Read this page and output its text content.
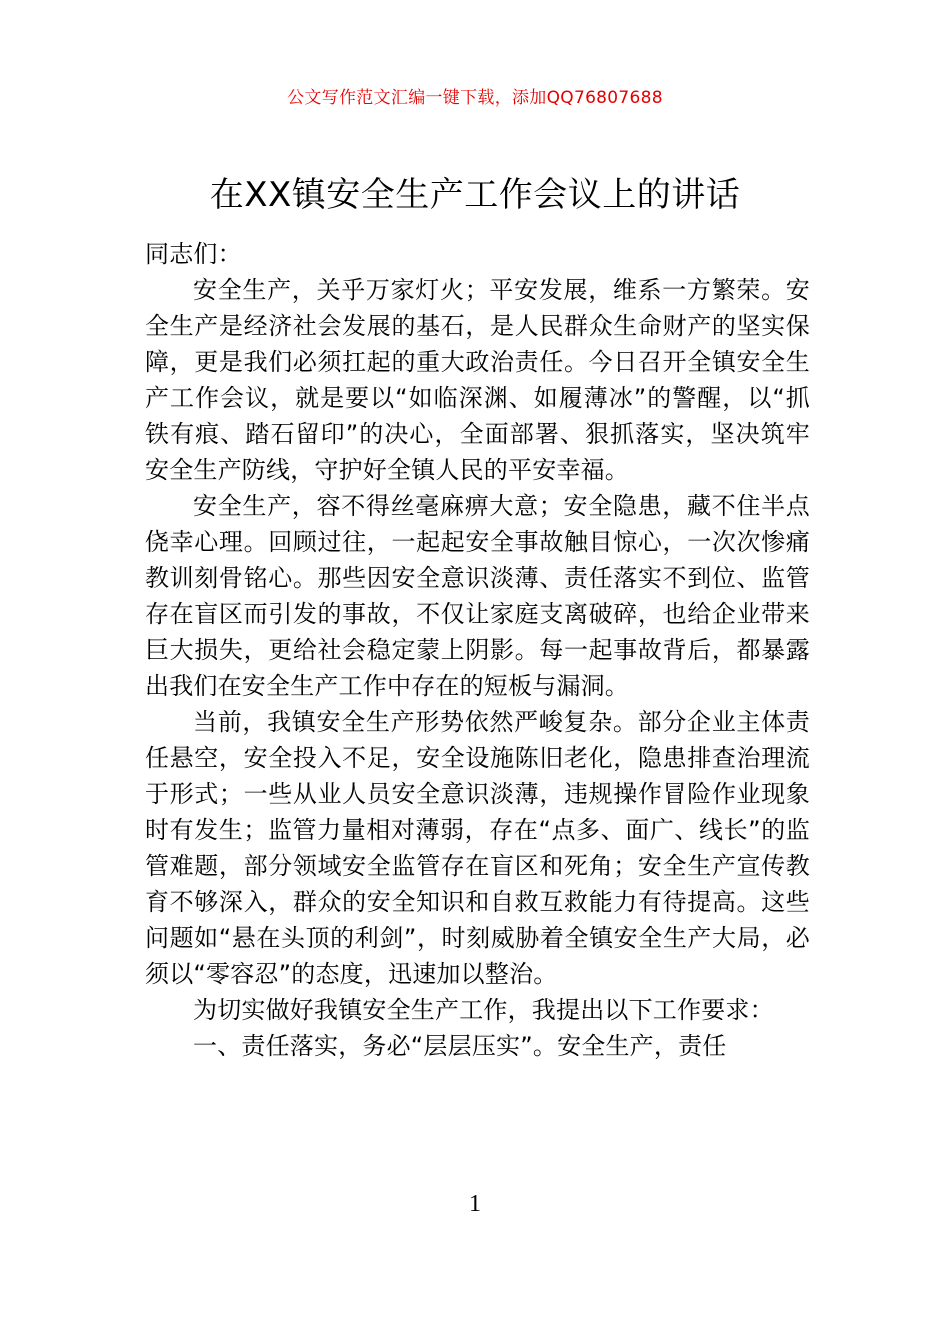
公文写作范文汇编一键下载，添加QQ76807688
在XX镇安全生产工作会议上的讲话

同志们：

安全生产，关乎万家灯火；平安发展，维系一方繁荣。安全生产是经济社会发展的基石，是人民群众生命财产的坚实保障，更是我们必须扛起的重大政治责任。今日召开全镇安全生产工作会议，就是要以“如临深渊、如履薄冰”的警醒，以“抓铁有痕、踏石留印”的决心，全面部署、狠抓落实，坚决筑牢安全生产防线，守护好全镇人民的平安幸福。

安全生产，容不得丝毫麻痹大意；安全隐患，藏不住半点侥幸心理。回顾过往，一起起安全事故触目惊心，一次次惨痛教训刻骨铭心。那些因安全意识淡薄、责任落实不到位、监管存在盲区而引发的事故，不仅让家庭支离破碎，也给企业带来巨大损失，更给社会稳定蒙上阴影。每一起事故背后，都暴露出我们在安全生产工作中存在的短板与漏洞。

当前，我镇安全生产形势依然严峻复杂。部分企业主体责任悬空，安全投入不足，安全设施陈旧老化，隐患排查治理流于形式；一些从业人员安全意识淡薄，违规操作冒险作业现象时有发生；监管力量相对薄弱，存在“点多、面广、线长”的监管难题，部分领域安全监管存在盲区和死角；安全生产宣传教育不够深入，群众的安全知识和自救互救能力有待提高。这些问题如“悬在头顶的利剑”，时刻威胁着全镇安全生产大局，必须以“零容忍”的态度，迅速加以整治。

为切实做好我镇安全生产工作，我提出以下工作要求：

一、责任落实，务必“层层压实”。安全生产，责任

1
